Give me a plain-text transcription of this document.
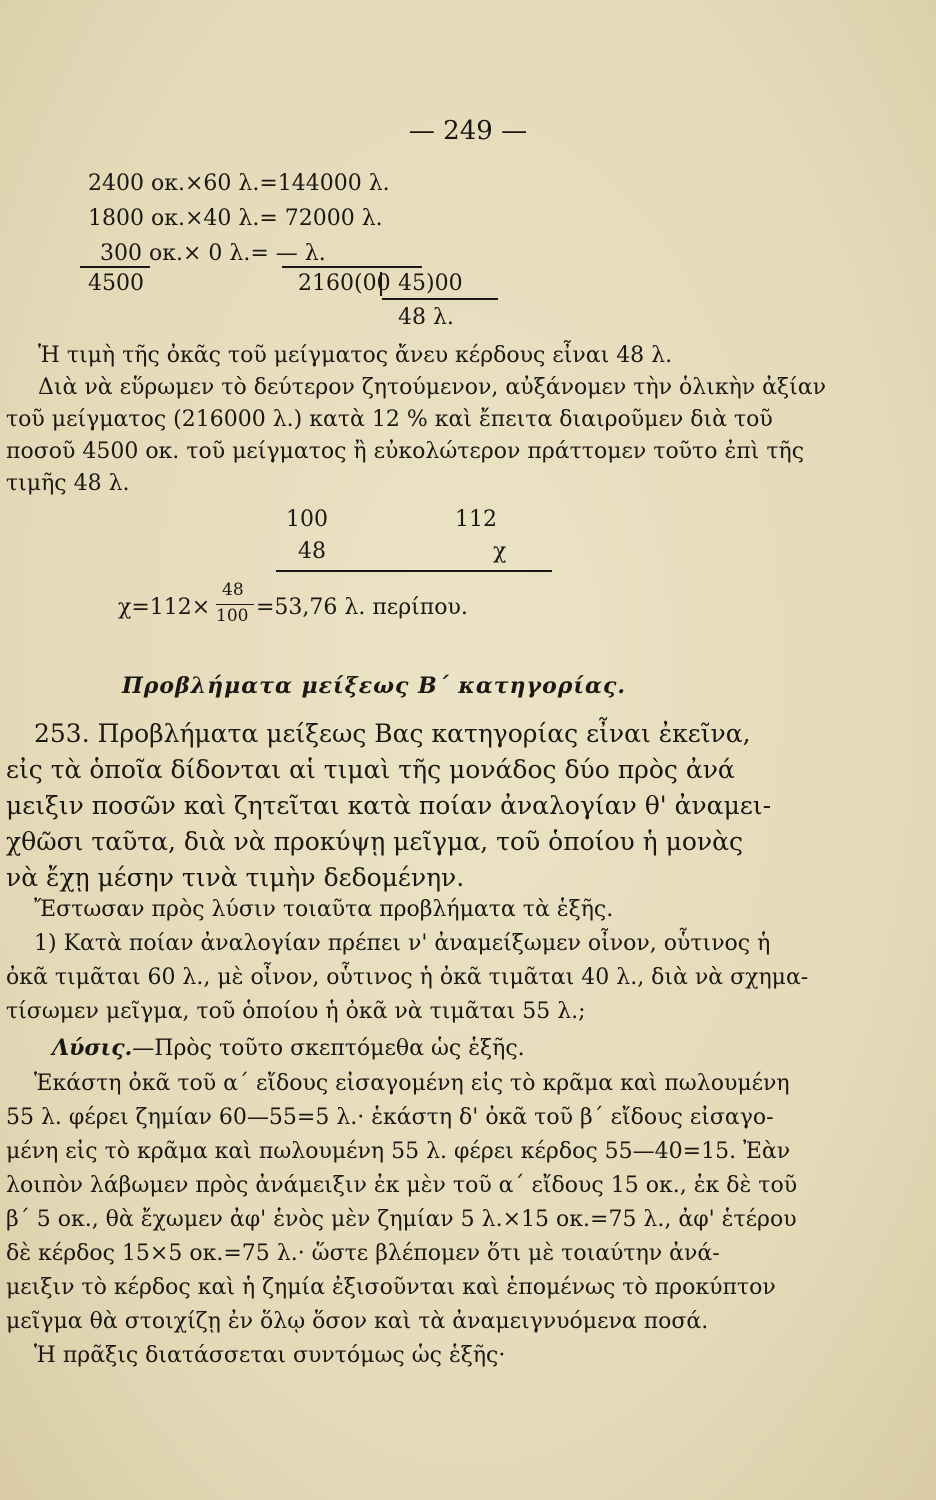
— 249 —
2400 οκ.×60 λ.=144000 λ.
1800 οκ.×40 λ.= 72000 λ.
300 οκ.× 0 λ.= — λ.
4500	2160(00 45)00
48 λ.
Ἡ τιμὴ τῆς ὀκᾶς τοῦ μείγματος ἄνευ κέρδους εἶναι 48 λ.
Διὰ νὰ εὕρωμεν τὸ δεύτερον ζητούμενον, αὐξάνομεν τὴν ὁλικὴν ἀξίαν
τοῦ μείγματος (216000 λ.) κατὰ 12 % καὶ ἔπειτα διαιροῦμεν διὰ τοῦ
ποσοῦ 4500 οκ. τοῦ μείγματος ἢ εὐκολώτερον πράττομεν τοῦτο ἐπὶ τῆς
τιμῆς 48 λ.
100	112
48	χ
χ=112×
48
100 =53,76 λ. περίπου.
Προβλήματα μείξεως Β΄ κατηγορίας.
253. Προβλήματα μείξεως Βας κατηγορίας εἶναι ἐκεῖνα,
εἰς τὰ ὁποῖα δίδονται αἱ τιμαὶ τῆς μονάδος δύο πρὸς ἀνά
μειξιν ποσῶν καὶ ζητεῖται κατὰ ποίαν ἀναλογίαν θ' ἀναμει-
χθῶσι ταῦτα, διὰ νὰ προκύψῃ μεῖγμα, τοῦ ὁποίου ἡ μονὰς
νὰ ἔχῃ μέσην τινὰ τιμὴν δεδομένην.
Ἔστωσαν πρὸς λύσιν τοιαῦτα προβλήματα τὰ ἑξῆς.
1) Κατὰ ποίαν ἀναλογίαν πρέπει ν' ἀναμείξωμεν οἶνον, οὗτινος ἡ
ὀκᾶ τιμᾶται 60 λ., μὲ οἶνον, οὗτινος ἡ ὀκᾶ τιμᾶται 40 λ., διὰ νὰ σχημα-
τίσωμεν μεῖγμα, τοῦ ὁποίου ἡ ὀκᾶ νὰ τιμᾶται 55 λ.;
Λύσις.—Πρὸς τοῦτο σκεπτόμεθα ὡς ἑξῆς.
Ἑκάστη ὀκᾶ τοῦ α΄ εἴδους εἰσαγομένη εἰς τὸ κρᾶμα καὶ πωλουμένη
55 λ. φέρει ζημίαν 60—55=5 λ.· ἑκάστη δ' ὀκᾶ τοῦ β΄ εἴδους εἰσαγο-
μένη εἰς τὸ κρᾶμα καὶ πωλουμένη 55 λ. φέρει κέρδος 55—40=15. Ἐὰν
λοιπὸν λάβωμεν πρὸς ἀνάμειξιν ἐκ μὲν τοῦ α΄ εἴδους 15 οκ., ἐκ δὲ τοῦ
β΄ 5 οκ., θὰ ἔχωμεν ἀφ' ἑνὸς μὲν ζημίαν 5 λ.×15 οκ.=75 λ., ἀφ' ἑτέρου
δὲ κέρδος 15×5 οκ.=75 λ.· ὥστε βλέπομεν ὅτι μὲ τοιαύτην ἀνά-
μειξιν τὸ κέρδος καὶ ἡ ζημία ἐξισοῦνται καὶ ἑπομένως τὸ προκύπτον
μεῖγμα θὰ στοιχίζῃ ἐν ὅλῳ ὅσον καὶ τὰ ἀναμειγνυόμενα ποσά.
Ἡ πρᾶξις διατάσσεται συντόμως ὡς ἑξῆς·
